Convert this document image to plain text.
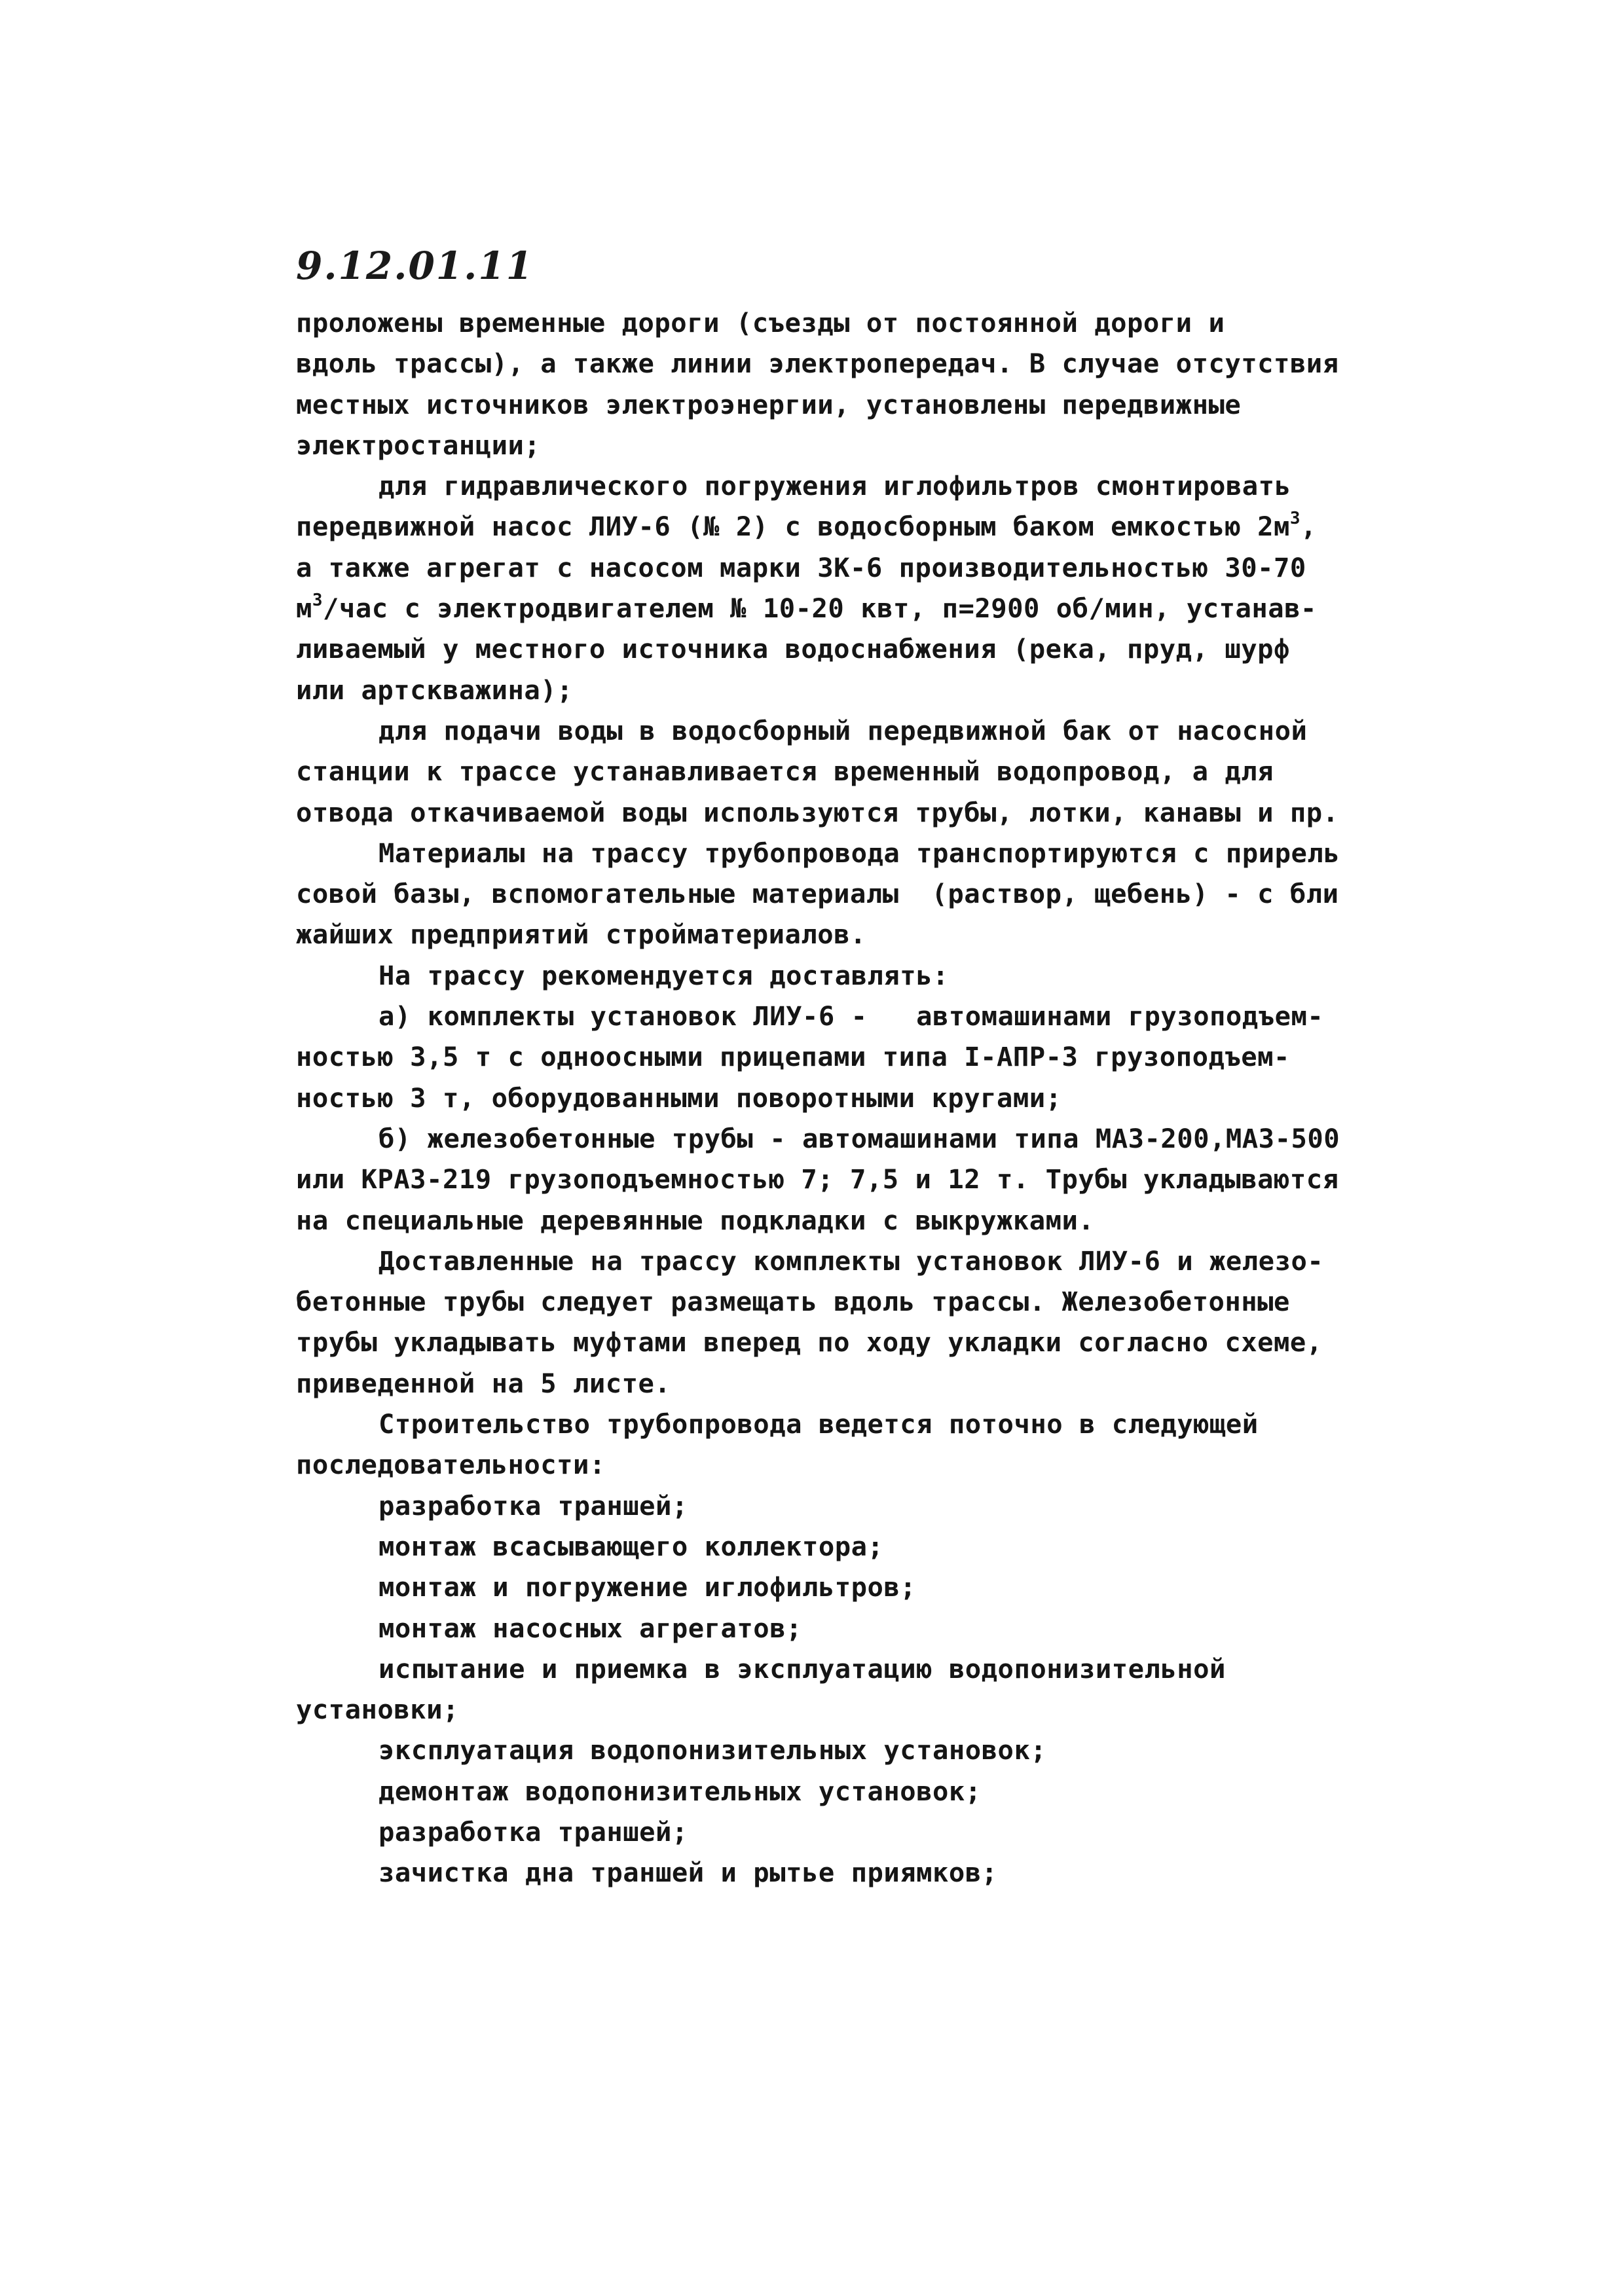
9.12.01.11
проложены временные дороги (съезды от постоянной дороги и
вдоль трассы), а также линии электропередач. В случае отсутствия
местных источников электроэнергии, установлены передвижные
электростанции;
для гидравлического погружения иглофильтров смонтировать
передвижной насос ЛИУ-6 (№ 2) с водосборным баком емкостью $2м^3$,
а также агрегат с насосом марки ЗК-6 производительностью 30-70
$м^3$/час с электродвигателем № 10-20 квт, п=2900 об/мин, устанав-
ливаемый у местного источника водоснабжения (река, пруд, шурф
или артскважина);
для подачи воды в водосборный передвижной бак от насосной
станции к трассе устанавливается временный водопровод, а для
отвода откачиваемой воды используются трубы, лотки, канавы и пр.
Материалы на трассу трубопровода транспортируются с прирель
совой базы, вспомогательные материалы  (раствор, щебень) - с бли
жайших предприятий стройматериалов.
На трассу рекомендуется доставлять:
а) комплекты установок ЛИУ-6 -   автомашинами грузоподъем-
ностью 3,5 т с одноосными прицепами типа I-АПР-3 грузоподъем-
ностью 3 т, оборудованными поворотными кругами;
б) железобетонные трубы - автомашинами типа МАЗ-200,МАЗ-500
или КРАЗ-219 грузоподъемностью 7; 7,5 и 12 т. Трубы укладываются
на специальные деревянные подкладки с выкружками.
Доставленные на трассу комплекты установок ЛИУ-6 и железо-
бетонные трубы следует размещать вдоль трассы. Железобетонные
трубы укладывать муфтами вперед по ходу укладки согласно схеме,
приведенной на 5 листе.
Строительство трубопровода ведется поточно в следующей
последовательности:
разработка траншей;
монтаж всасывающего коллектора;
монтаж и погружение иглофильтров;
монтаж насосных агрегатов;
испытание и приемка в эксплуатацию водопонизительной
установки;
эксплуатация водопонизительных установок;
демонтаж водопонизительных установок;
разработка траншей;
зачистка дна траншей и рытье приямков;
